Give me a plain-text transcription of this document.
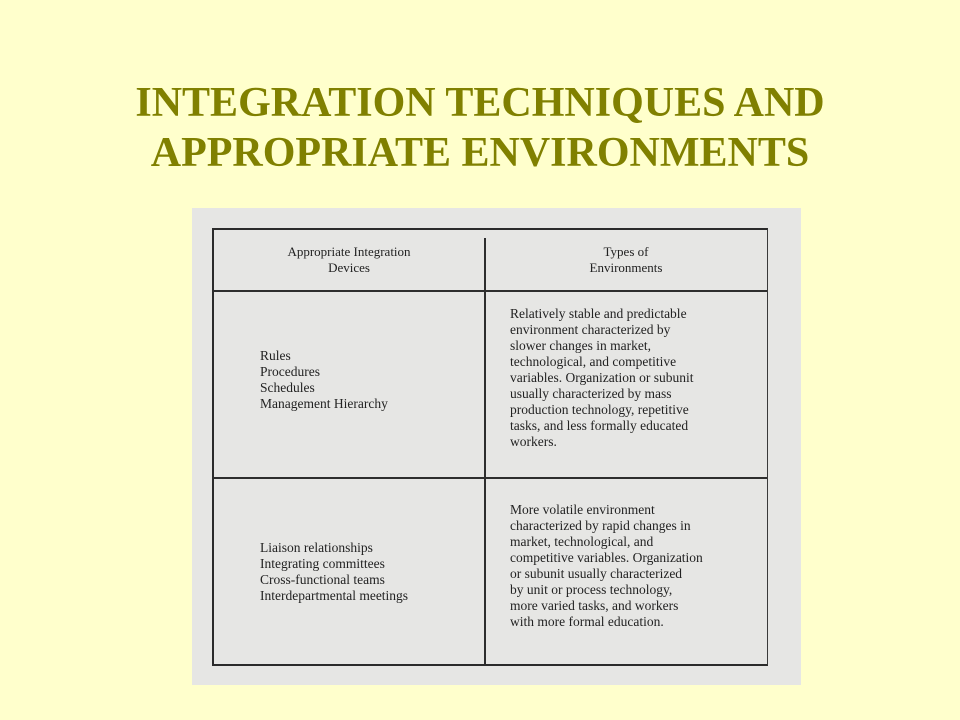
INTEGRATION TECHNIQUES AND
APPROPRIATE ENVIRONMENTS
Appropriate Integration
Devices
Types of
Environments
Rules
Procedures
Schedules
Management Hierarchy

Relatively stable and predictable
environment characterized by
slower changes in market,
technological, and competitive
variables. Organization or subunit
usually characterized by mass
production technology, repetitive
tasks, and less formally educated
workers.

Liaison relationships
Integrating committees
Cross-functional teams
Interdepartmental meetings

More volatile environment
characterized by rapid changes in
market, technological, and
competitive variables. Organization
or subunit usually characterized
by unit or process technology,
more varied tasks, and workers
with more formal education.
